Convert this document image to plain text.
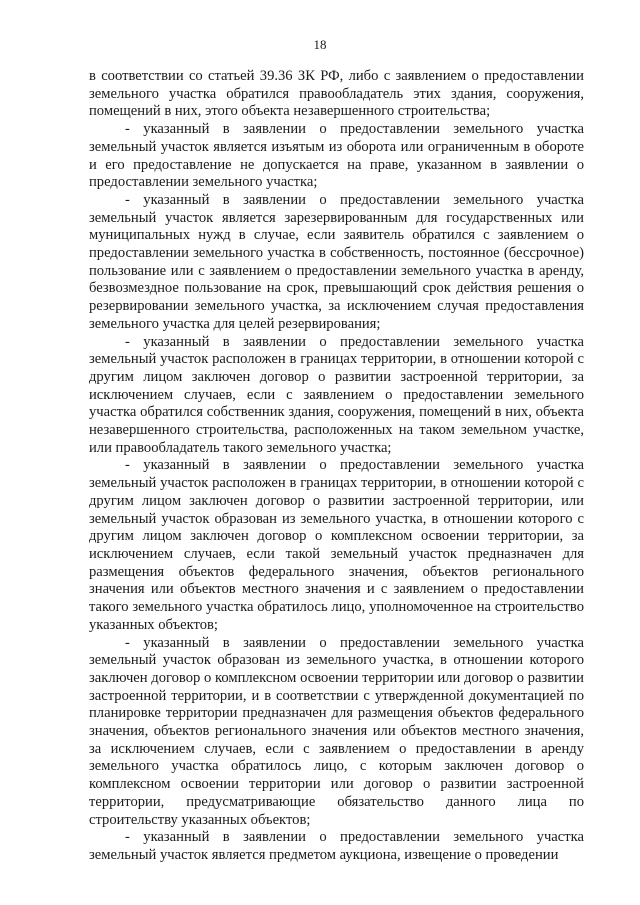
18

в соответствии со статьей 39.36 ЗК РФ, либо с заявлением о предоставлении земельного участка обратился правообладатель этих здания, сооружения, помещений в них, этого объекта незавершенного строительства;

- указанный в заявлении о предоставлении земельного участка земельный участок является изъятым из оборота или ограниченным в обороте и его предоставление не допускается на праве, указанном в заявлении о предоставлении земельного участка;

- указанный в заявлении о предоставлении земельного участка земельный участок является зарезервированным для государственных или муниципальных нужд в случае, если заявитель обратился с заявлением о предоставлении земельного участка в собственность, постоянное (бессрочное) пользование или с заявлением о предоставлении земельного участка в аренду, безвозмездное пользование на срок, превышающий срок действия решения о резервировании земельного участка, за исключением случая предоставления земельного участка для целей резервирования;

- указанный в заявлении о предоставлении земельного участка земельный участок расположен в границах территории, в отношении которой с другим лицом заключен договор о развитии застроенной территории, за исключением случаев, если с заявлением о предоставлении земельного участка обратился собственник здания, сооружения, помещений в них, объекта незавершенного строительства, расположенных на таком земельном участке, или правообладатель такого земельного участка;

- указанный в заявлении о предоставлении земельного участка земельный участок расположен в границах территории, в отношении которой с другим лицом заключен договор о развитии застроенной территории, или земельный участок образован из земельного участка, в отношении которого с другим лицом заключен договор о комплексном освоении территории, за исключением случаев, если такой земельный участок предназначен для размещения объектов федерального значения, объектов регионального значения или объектов местного значения и с заявлением о предоставлении такого земельного участка обратилось лицо, уполномоченное на строительство указанных объектов;

- указанный в заявлении о предоставлении земельного участка земельный участок образован из земельного участка, в отношении которого заключен договор о комплексном освоении территории или договор о развитии застроенной территории, и в соответствии с утвержденной документацией по планировке территории предназначен для размещения объектов федерального значения, объектов регионального значения или объектов местного значения, за исключением случаев, если с заявлением о предоставлении в аренду земельного участка обратилось лицо, с которым заключен договор о комплексном освоении территории или договор о развитии застроенной территории, предусматривающие обязательство данного лица по строительству указанных объектов;

- указанный в заявлении о предоставлении земельного участка земельный участок является предметом аукциона, извещение о проведении
